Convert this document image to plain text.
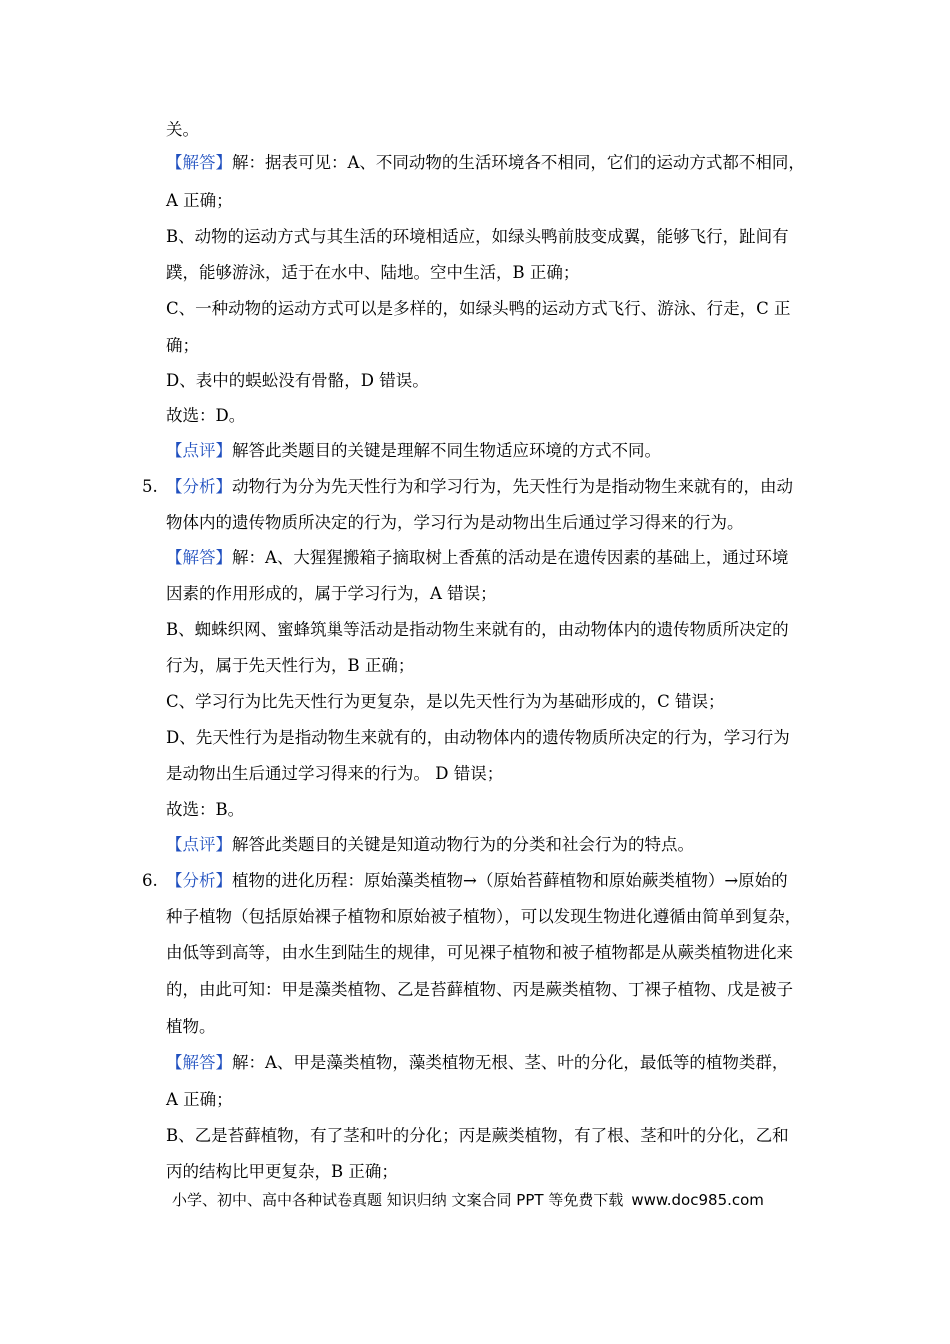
关。
【解答】解：据表可见：A、不同动物的生活环境各不相同，它们的运动方式都不相同，
A 正确；
B、动物的运动方式与其生活的环境相适应，如绿头鸭前肢变成翼，能够飞行，趾间有
蹼，能够游泳，适于在水中、陆地。空中生活，B 正确；
C、一种动物的运动方式可以是多样的，如绿头鸭的运动方式飞行、游泳、行走，C 正
确；
D、表中的蜈蚣没有骨骼，D 错误。
故选：D。
【点评】解答此类题目的关键是理解不同生物适应环境的方式不同。
5. 【分析】动物行为分为先天性行为和学习行为，先天性行为是指动物生来就有的，由动
物体内的遗传物质所决定的行为，学习行为是动物出生后通过学习得来的行为。
【解答】解：A、大猩猩搬箱子摘取树上香蕉的活动是在遗传因素的基础上，通过环境
因素的作用形成的，属于学习行为，A 错误；
B、蜘蛛织网、蜜蜂筑巢等活动是指动物生来就有的，由动物体内的遗传物质所决定的
行为，属于先天性行为，B 正确；
C、学习行为比先天性行为更复杂，是以先天性行为为基础形成的，C 错误；
D、先天性行为是指动物生来就有的，由动物体内的遗传物质所决定的行为，学习行为
是动物出生后通过学习得来的行为。 D 错误；
故选：B。
【点评】解答此类题目的关键是知道动物行为的分类和社会行为的特点。
6. 【分析】植物的进化历程：原始藻类植物→（原始苔藓植物和原始蕨类植物）→原始的
种子植物（包括原始裸子植物和原始被子植物），可以发现生物进化遵循由简单到复杂，
由低等到高等，由水生到陆生的规律，可见裸子植物和被子植物都是从蕨类植物进化来
的，由此可知：甲是藻类植物、乙是苔藓植物、丙是蕨类植物、丁裸子植物、戊是被子
植物。
【解答】解：A、甲是藻类植物，藻类植物无根、茎、叶的分化，最低等的植物类群，
A 正确；
B、乙是苔藓植物，有了茎和叶的分化；丙是蕨类植物，有了根、茎和叶的分化，乙和
丙的结构比甲更复杂，B 正确；
小学、初中、高中各种试卷真题 知识归纳 文案合同 PPT 等免费下载 www.doc985.com
